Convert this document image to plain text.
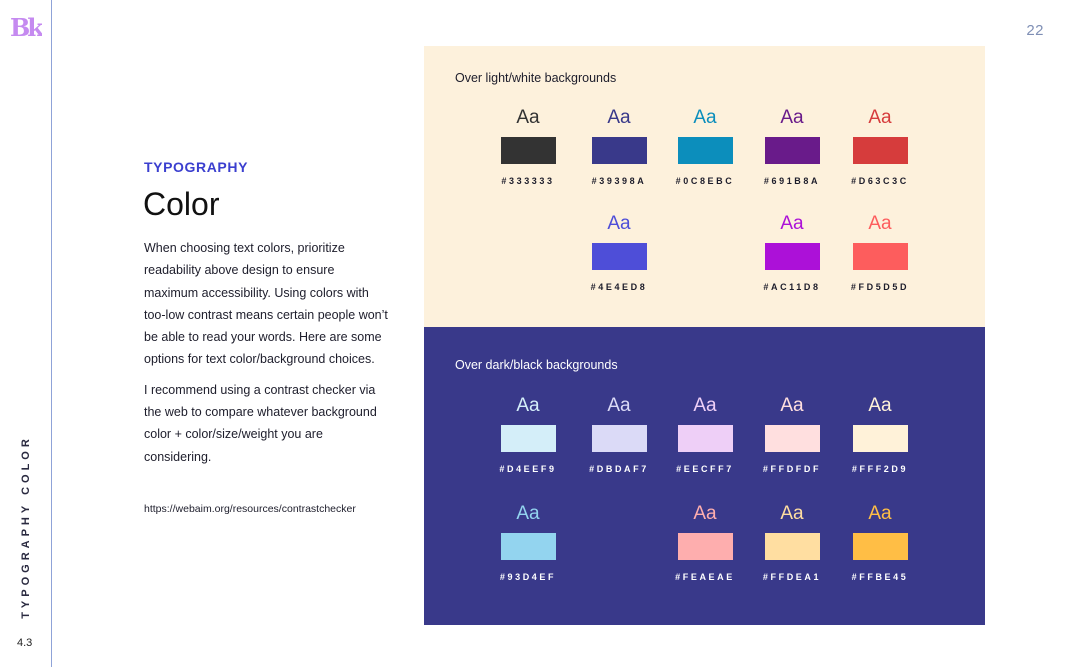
Bk	22
TYPOGRAPHY COLOR
4.3
TYPOGRAPHY
Color

When choosing text colors, prioritize readability above design to ensure maximum accessibility. Using colors with too-low contrast means certain people won’t be able to read your words. Here are some options for text color/background choices.

I recommend using a contrast checker via the web to compare whatever background color + color/size/weight you are considering.

https://webaim.org/resources/contrastchecker
Over light/white backgrounds
Aa
#333333
Aa
#39398A
Aa
#0C8EBC
Aa
#691B8A
Aa
#D63C3C
Aa
#4E4ED8
Aa
#AC11D8
Aa
#FD5D5D
Over dark/black backgrounds
Aa
#D4EEF9
Aa
#DBDAF7
Aa
#EECFF7
Aa
#FFDFDF
Aa
#FFF2D9
Aa
#93D4EF
Aa
#FEAEAE
Aa
#FFDEA1
Aa
#FFBE45
